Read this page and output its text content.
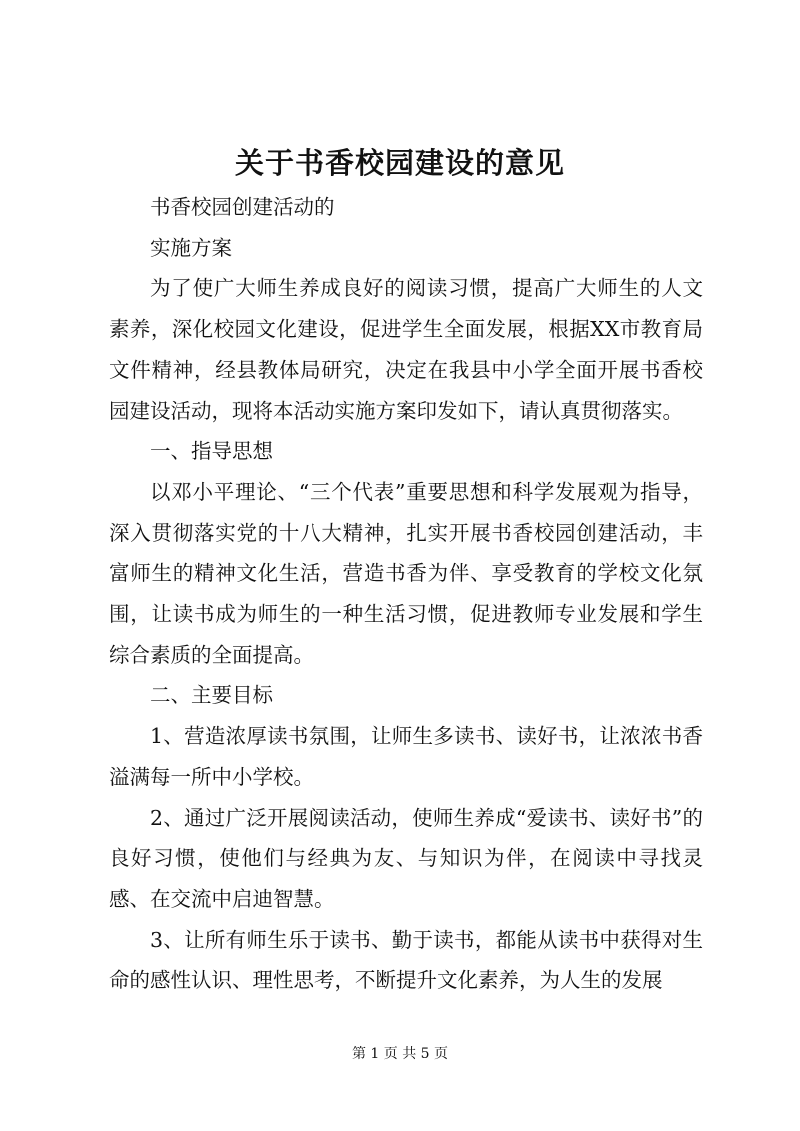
关于书香校园建设的意见

书香校园创建活动的

实施方案

为了使广大师生养成良好的阅读习惯，提高广大师生的人文素养，深化校园文化建设，促进学生全面发展，根据XX市教育局文件精神，经县教体局研究，决定在我县中小学全面开展书香校园建设活动，现将本活动实施方案印发如下，请认真贯彻落实。

一、指导思想

以邓小平理论、“三个代表”重要思想和科学发展观为指导，深入贯彻落实党的十八大精神，扎实开展书香校园创建活动，丰富师生的精神文化生活，营造书香为伴、享受教育的学校文化氛围，让读书成为师生的一种生活习惯，促进教师专业发展和学生综合素质的全面提高。

二、主要目标

1、营造浓厚读书氛围，让师生多读书、读好书，让浓浓书香溢满每一所中小学校。

2、通过广泛开展阅读活动，使师生养成“爱读书、读好书”的良好习惯，使他们与经典为友、与知识为伴，在阅读中寻找灵感、在交流中启迪智慧。

3、让所有师生乐于读书、勤于读书，都能从读书中获得对生命的感性认识、理性思考，不断提升文化素养，为人生的发展

第 1 页 共 5 页
